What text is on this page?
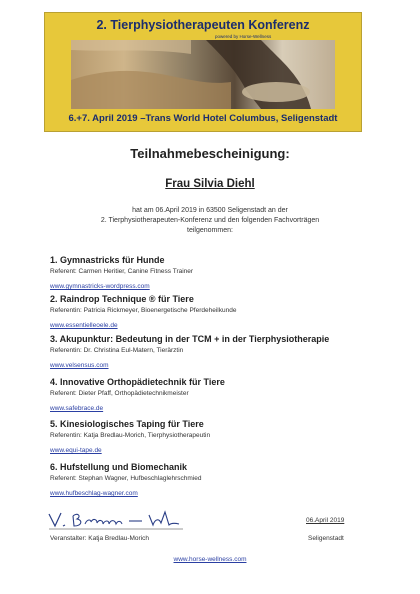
2. Tierphysiotherapeuten Konferenz
powered by Horse-Wellness
6.+7. April 2019 –Trans World Hotel Columbus, Seligenstadt
Teilnahmebescheinigung:
Frau Silvia Diehl
hat am 06.April 2019 in 63500 Seligenstadt an der
2. Tierphysiotherapeuten-Konferenz und den folgenden Fachvorträgen
teilgenommen:
1. Gymnastricks für Hunde
Referent: Carmen Heritier, Canine Fitness Trainer
www.gymnastricks-wordpress.com
2. Raindrop Technique ® für Tiere
Referentin: Patricia Rickmeyer, Bioenergetische Pferdeheilkunde
www.essentielleoele.de
3. Akupunktur: Bedeutung in der TCM + in der Tierphysiotherapie
Referentin: Dr. Christina Eul-Matern, Tierärztin
www.velsensus.com
4. Innovative Orthopädietechnik für Tiere
Referent: Dieter Pfaff, Orthopädietechnikmeister
www.safebrace.de
5. Kinesiologisches Taping für Tiere
Referentin: Katja Bredlau-Morich, Tierphysiotherapeutin
www.equi-tape.de
6. Hufstellung und Biomechanik
Referent: Stephan Wagner, Hufbeschlaglehrschmied
www.hufbeschlag-wagner.com
06.April 2019
Veranstalter: Katja Bredlau-Morich	Seligenstadt
www.horse-wellness.com
